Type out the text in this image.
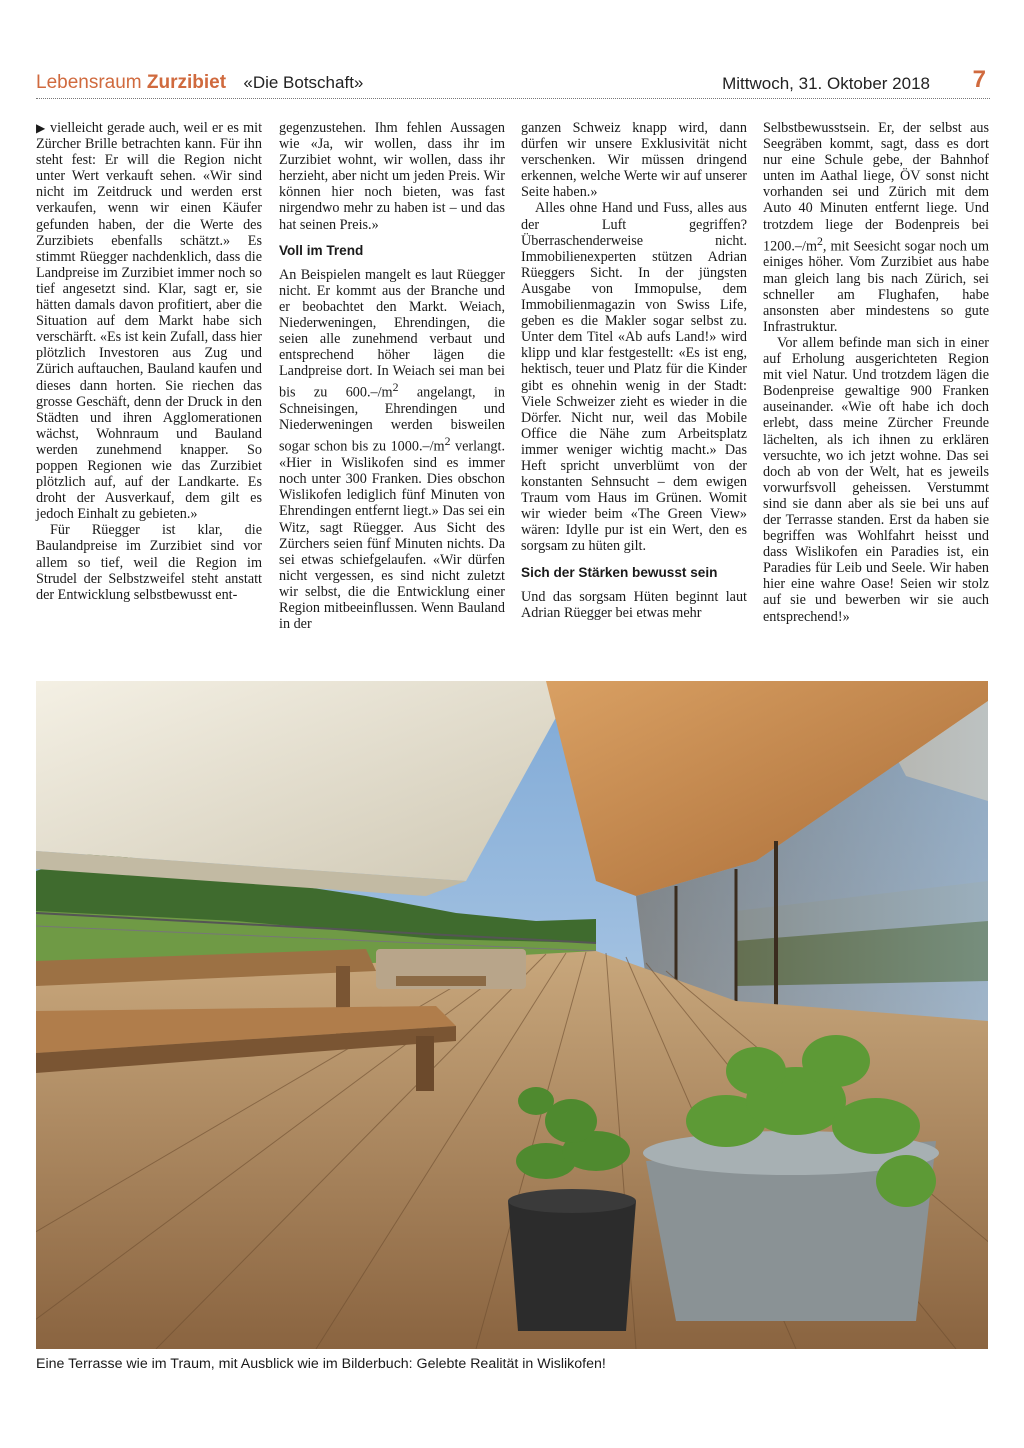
Lebensraum Zurzibiet «Die Botschaft»	Mittwoch, 31. Oktober 2018 7

▶ vielleicht gerade auch, weil er es mit Zürcher Brille betrachten kann. Für ihn steht fest: Er will die Region nicht unter Wert verkauft sehen. «Wir sind nicht im Zeitdruck und werden erst verkaufen, wenn wir einen Käufer gefunden haben, der die Werte des Zurzibiets ebenfalls schätzt.» Es stimmt Rüegger nachdenklich, dass die Landpreise im Zurzibiet immer noch so tief angesetzt sind. Klar, sagt er, sie hätten damals davon profitiert, aber die Situation auf dem Markt habe sich verschärft. «Es ist kein Zufall, dass hier plötzlich Investoren aus Zug und Zürich auftauchen, Bauland kaufen und dieses dann horten. Sie riechen das grosse Geschäft, denn der Druck in den Städten und ihren Agglomerationen wächst, Wohnraum und Bauland werden zunehmend knapper. So poppen Regionen wie das Zurzibiet plötzlich auf, auf der Landkarte. Es droht der Ausverkauf, dem gilt es jedoch Einhalt zu gebieten.»

Für Rüegger ist klar, die Baulandpreise im Zurzibiet sind vor allem so tief, weil die Region im Strudel der Selbstzweifel steht anstatt der Entwicklung selbstbewusst ent-

gegenzustehen. Ihm fehlen Aussagen wie «Ja, wir wollen, dass ihr im Zurzibiet wohnt, wir wollen, dass ihr herzieht, aber nicht um jeden Preis. Wir können hier noch bieten, was fast nirgendwo mehr zu haben ist – und das hat seinen Preis.»

Voll im Trend

An Beispielen mangelt es laut Rüegger nicht. Er kommt aus der Branche und er beobachtet den Markt. Weiach, Niederweningen, Ehrendingen, die seien alle zunehmend verbaut und entsprechend höher lägen die Landpreise dort. In Weiach sei man bei bis zu $600.-/m^2$ angelangt, in Schneisingen, Ehrendingen und Niederweningen werden bisweilen sogar schon bis zu $1000.-/m^2$ verlangt. «Hier in Wislikofen sind es immer noch unter 300 Franken. Dies obschon Wislikofen lediglich fünf Minuten von Ehrendingen entfernt liegt.» Das sei ein Witz, sagt Rüegger. Aus Sicht des Zürchers seien fünf Minuten nichts. Da sei etwas schiefgelaufen. «Wir dürfen nicht vergessen, es sind nicht zuletzt wir selbst, die die Entwicklung einer Region mitbeeinflussen. Wenn Bauland in der

ganzen Schweiz knapp wird, dann dürfen wir unsere Exklusivität nicht verschenken. Wir müssen dringend erkennen, welche Werte wir auf unserer Seite haben.»

Alles ohne Hand und Fuss, alles aus der Luft gegriffen? Überraschenderweise nicht. Immobilienexperten stützen Adrian Rüeggers Sicht. In der jüngsten Ausgabe von Immopulse, dem Immobilienmagazin von Swiss Life, geben es die Makler sogar selbst zu. Unter dem Titel «Ab aufs Land!» wird klipp und klar festgestellt: «Es ist eng, hektisch, teuer und Platz für die Kinder gibt es ohnehin wenig in der Stadt: Viele Schweizer zieht es wieder in die Dörfer. Nicht nur, weil das Mobile Office die Nähe zum Arbeitsplatz immer weniger wichtig macht.» Das Heft spricht unverblümt von der konstanten Sehnsucht – dem ewigen Traum vom Haus im Grünen. Womit wir wieder beim «The Green View» wären: Idylle pur ist ein Wert, den es sorgsam zu hüten gilt.

Sich der Stärken bewusst sein

Und das sorgsam Hüten beginnt laut Adrian Rüegger bei etwas mehr

Selbstbewusstsein. Er, der selbst aus Seegräben kommt, sagt, dass es dort nur eine Schule gebe, der Bahnhof unten im Aathal liege, ÖV sonst nicht vorhanden sei und Zürich mit dem Auto 40 Minuten entfernt liege. Und trotzdem liege der Bodenpreis bei $1200.-/m^2$, mit Seesicht sogar noch um einiges höher. Vom Zurzibiet aus habe man gleich lang bis nach Zürich, sei schneller am Flughafen, habe ansonsten aber mindestens so gute Infrastruktur.

Vor allem befinde man sich in einer auf Erholung ausgerichteten Region mit viel Natur. Und trotzdem lägen die Bodenpreise gewaltige 900 Franken auseinander. «Wie oft habe ich doch erlebt, dass meine Zürcher Freunde lächelten, als ich ihnen zu erklären versuchte, wo ich jetzt wohne. Das sei doch ab von der Welt, hat es jeweils vorwurfsvoll geheissen. Verstummt sind sie dann aber als sie bei uns auf der Terrasse standen. Erst da haben sie begriffen was Wohlfahrt heisst und dass Wislikofen ein Paradies ist, ein Paradies für Leib und Seele. Wir haben hier eine wahre Oase! Seien wir stolz auf sie und bewerben wir sie auch entsprechend!»

Eine Terrasse wie im Traum, mit Ausblick wie im Bilderbuch: Gelebte Realität in Wislikofen!
